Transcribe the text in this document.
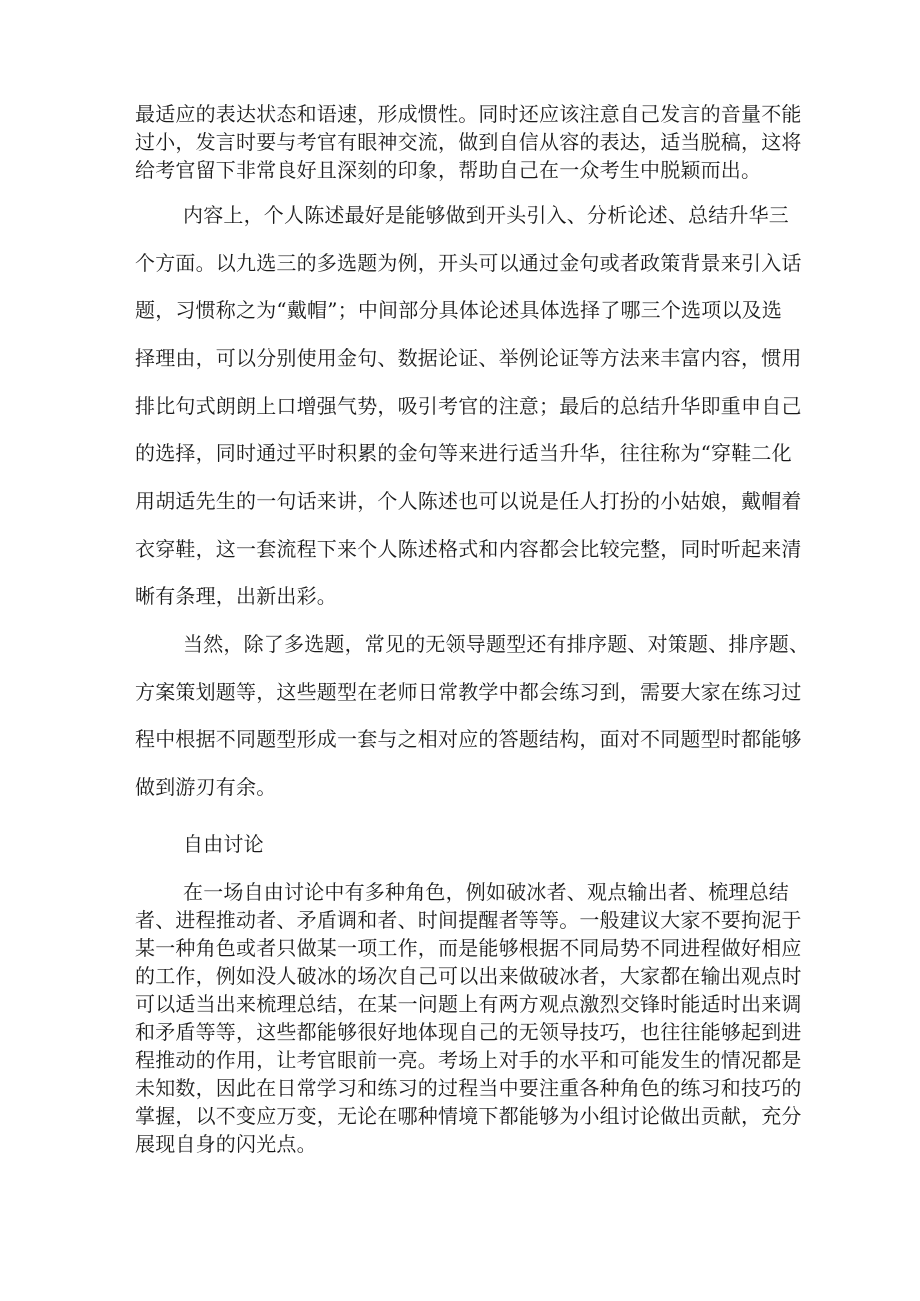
最适应的表达状态和语速，形成惯性。同时还应该注意自己发言的音量不能
过小，发言时要与考官有眼神交流，做到自信从容的表达，适当脱稿，这将
给考官留下非常良好且深刻的印象，帮助自己在一众考生中脱颖而出。
内容上，个人陈述最好是能够做到开头引入、分析论述、总结升华三
个方面。以九选三的多选题为例，开头可以通过金句或者政策背景来引入话
题，习惯称之为“戴帽”；中间部分具体论述具体选择了哪三个选项以及选
择理由，可以分别使用金句、数据论证、举例论证等方法来丰富内容，惯用
排比句式朗朗上口增强气势，吸引考官的注意；最后的总结升华即重申自己
的选择，同时通过平时积累的金句等来进行适当升华，往往称为“穿鞋二化
用胡适先生的一句话来讲，个人陈述也可以说是任人打扮的小姑娘，戴帽着
衣穿鞋，这一套流程下来个人陈述格式和内容都会比较完整，同时听起来清
晰有条理，出新出彩。
当然，除了多选题，常见的无领导题型还有排序题、对策题、排序题、
方案策划题等，这些题型在老师日常教学中都会练习到，需要大家在练习过
程中根据不同题型形成一套与之相对应的答题结构，面对不同题型时都能够
做到游刃有余。
自由讨论
在一场自由讨论中有多种角色，例如破冰者、观点输出者、梳理总结
者、进程推动者、矛盾调和者、时间提醒者等等。一般建议大家不要拘泥于
某一种角色或者只做某一项工作，而是能够根据不同局势不同进程做好相应
的工作，例如没人破冰的场次自己可以出来做破冰者，大家都在输出观点时
可以适当出来梳理总结，在某一问题上有两方观点激烈交锋时能适时出来调
和矛盾等等，这些都能够很好地体现自己的无领导技巧，也往往能够起到进
程推动的作用，让考官眼前一亮。考场上对手的水平和可能发生的情况都是
未知数，因此在日常学习和练习的过程当中要注重各种角色的练习和技巧的
掌握，以不变应万变，无论在哪种情境下都能够为小组讨论做出贡献，充分
展现自身的闪光点。
